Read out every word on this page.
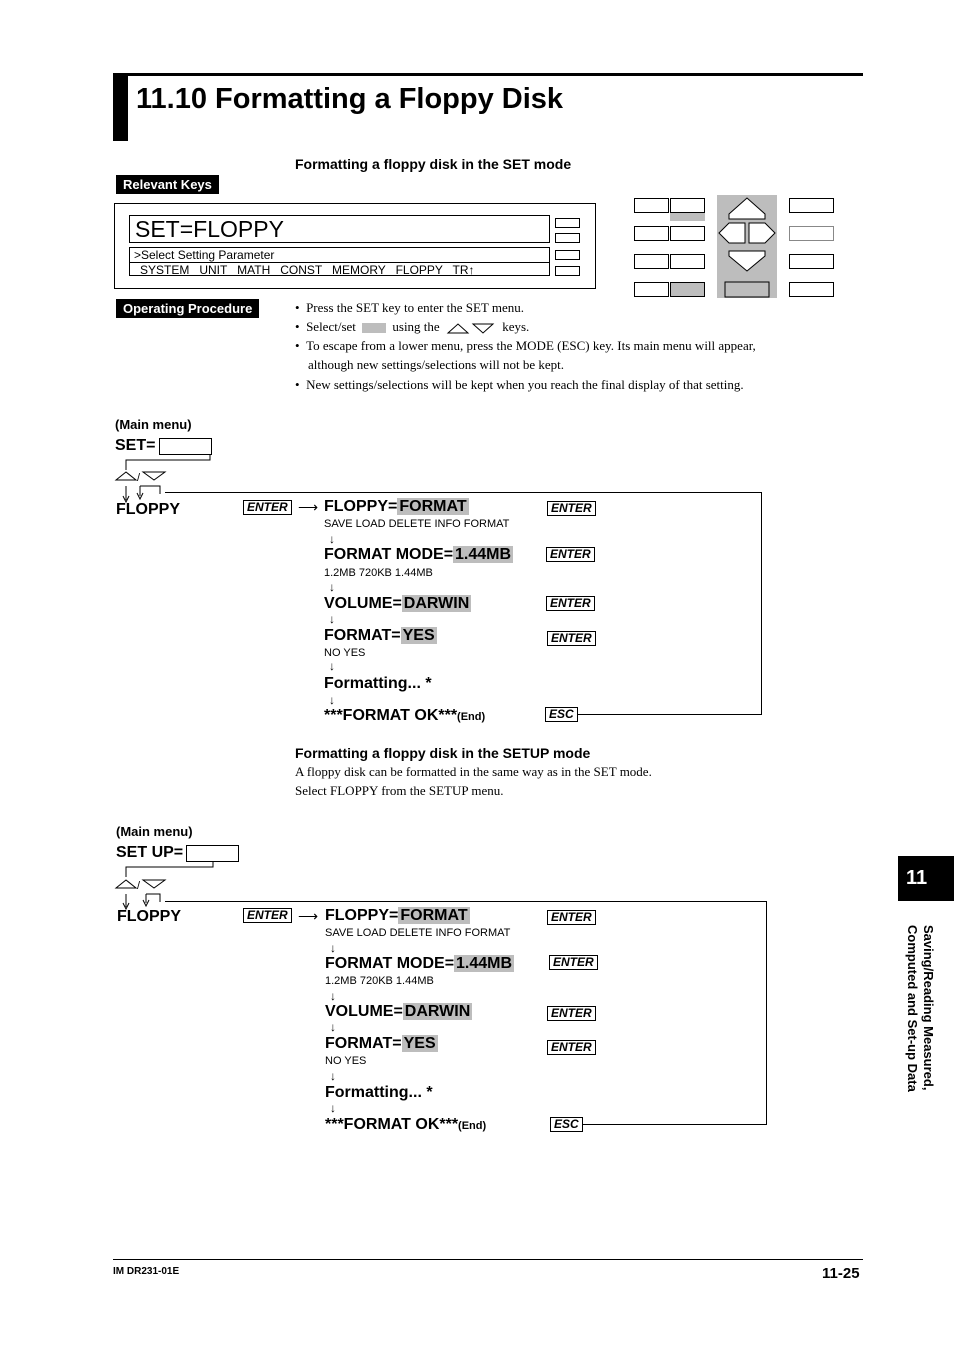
11.10 Formatting a Floppy Disk
Formatting a floppy disk in the SET mode
Relevant Keys
SET=FLOPPY
>Select Setting Parameter
SYSTEM   UNIT   MATH   CONST   MEMORY   FLOPPY   TR↑
Operating Procedure	•  Press the SET key to enter the SET menu.
•  Select/set	using the	keys.
•  To escape from a lower menu, press the MODE (ESC) key. Its main menu will appear,
although new settings/selections will not be kept.
•  New settings/selections will be kept when you reach the final display of that setting.
(Main menu)
SET=
/
FLOPPY	ENTER ⟶ FLOPPY= FORMAT
SAVE LOAD DELETE INFO FORMAT
ENTER
↓
FORMAT MODE= 1.44MB
1.2MB 720KB 1.44MB
ENTER
↓
VOLUME= DARWIN	ENTER
↓
FORMAT= YES
NO YES
ENTER
↓
Formatting... *
↓
***FORMAT OK***(End)	ESC
Formatting a floppy disk in the SETUP mode
A floppy disk can be formatted in the same way as in the SET mode.
Select FLOPPY from the SETUP menu.
(Main menu)
SET UP=
/
FLOPPY	ENTER ⟶ FLOPPY= FORMAT
SAVE LOAD DELETE INFO FORMAT
ENTER
↓
FORMAT MODE= 1.44MB
1.2MB 720KB 1.44MB
ENTER
↓
VOLUME= DARWIN	ENTER
↓
FORMAT= YES
NO YES
ENTER
↓
Formatting... *
↓
***FORMAT OK***(End)	ESC
11
Saving/Reading Measured,
Computed and Set-up Data
IM DR231-01E	11-25
